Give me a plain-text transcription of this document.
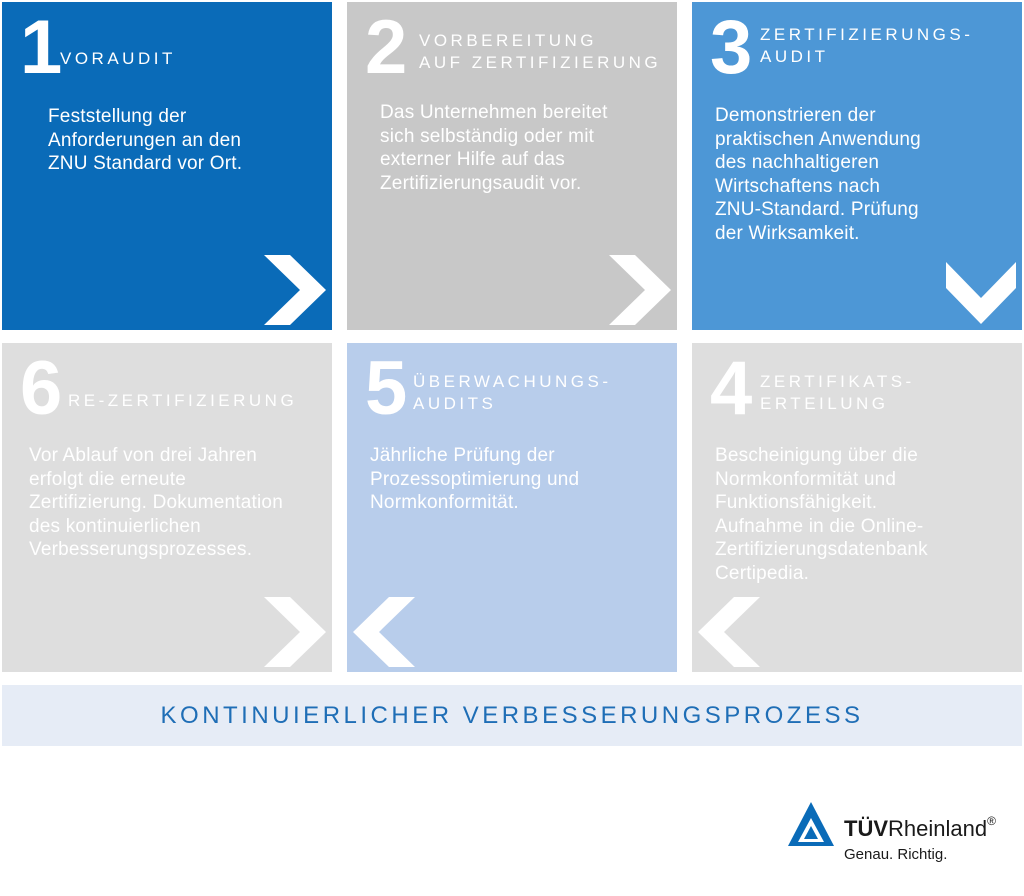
1 VORAUDIT
Feststellung der
Anforderungen an den
ZNU Standard vor Ort.
2 VORBEREITUNG
AUF ZERTIFIZIERUNG
Das Unternehmen bereitet
sich selbständig oder mit
externer Hilfe auf das
Zertifizierungsaudit vor.
3 ZERTIFIZIERUNGS-
AUDIT
Demonstrieren der
praktischen Anwendung
des nachhaltigeren
Wirtschaftens nach
ZNU-Standard. Prüfung
der Wirksamkeit.
6 RE-ZERTIFIZIERUNG
Vor Ablauf von drei Jahren
erfolgt die erneute
Zertifizierung. Dokumentation
des kontinuierlichen
Verbesserungsprozesses.
5 ÜBERWACHUNGS-
AUDITS
Jährliche Prüfung der
Prozessoptimierung und
Normkonformität.
4 ZERTIFIKATS-
ERTEILUNG
Bescheinigung über die
Normkonformität und
Funktionsfähigkeit.
Aufnahme in die Online-
Zertifizierungsdatenbank
Certipedia.
KONTINUIERLICHER VERBESSERUNGSPROZESS
TÜVRheinland®
Genau. Richtig.
